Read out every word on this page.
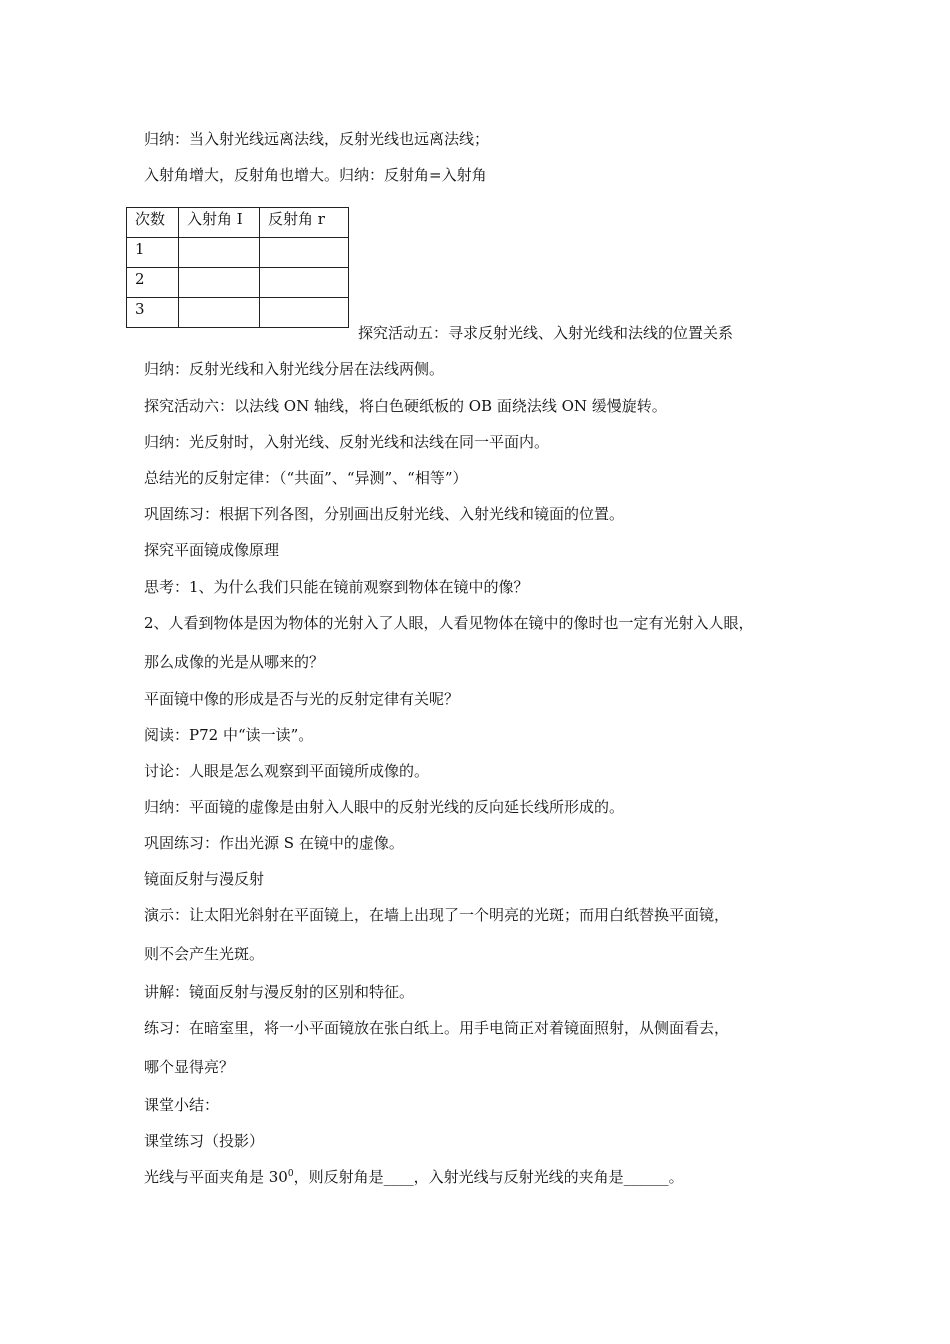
归纳：当入射光线远离法线，反射光线也远离法线；
入射角增大，反射角也增大。归纳：反射角=入射角
次数	入射角 I	反射角 r
1		
2		
3		
探究活动五：寻求反射光线、入射光线和法线的位置关系
归纳：反射光线和入射光线分居在法线两侧。
探究活动六：以法线 ON 轴线，将白色硬纸板的 OB 面绕法线 ON 缓慢旋转。
归纳：光反射时，入射光线、反射光线和法线在同一平面内。
总结光的反射定律：（“共面”、“异测”、“相等”）
巩固练习：根据下列各图，分别画出反射光线、入射光线和镜面的位置。
探究平面镜成像原理
思考：1、为什么我们只能在镜前观察到物体在镜中的像？
2、人看到物体是因为物体的光射入了人眼，人看见物体在镜中的像时也一定有光射入人眼，
那么成像的光是从哪来的？
平面镜中像的形成是否与光的反射定律有关呢？
阅读：P72 中“读一读”。
讨论：人眼是怎么观察到平面镜所成像的。
归纳：平面镜的虚像是由射入人眼中的反射光线的反向延长线所形成的。
巩固练习：作出光源 S 在镜中的虚像。
镜面反射与漫反射
演示：让太阳光斜射在平面镜上，在墙上出现了一个明亮的光斑；而用白纸替换平面镜，
则不会产生光斑。
讲解：镜面反射与漫反射的区别和特征。
练习：在暗室里，将一小平面镜放在张白纸上。用手电筒正对着镜面照射，从侧面看去，
哪个显得亮？
课堂小结：
课堂练习（投影）
光线与平面夹角是 $30^0$，则反射角是____，入射光线与反射光线的夹角是______。
